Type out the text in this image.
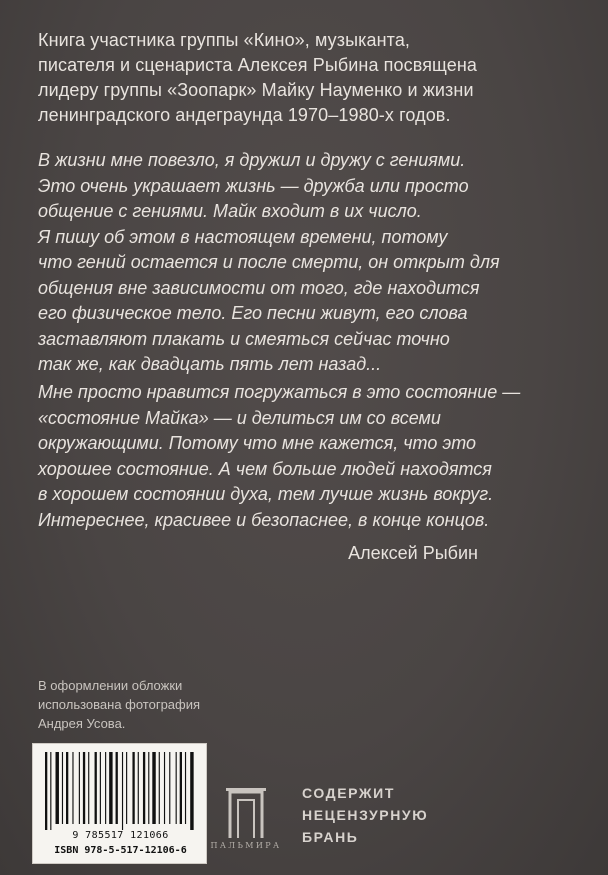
Книга участника группы «Кино», музыканта,
писателя и сценариста Алексея Рыбина посвящена
лидеру группы «Зоопарк» Майку Науменко и жизни
ленинградского андеграунда 1970–1980-х годов.
В жизни мне повезло, я дружил и дружу с гениями.
Это очень украшает жизнь — дружба или просто
общение с гениями. Майк входит в их число.
Я пишу об этом в настоящем времени, потому
что гений остается и после смерти, он открыт для
общения вне зависимости от того, где находится
его физическое тело. Его песни живут, его слова
заставляют плакать и смеяться сейчас точно
так же, как двадцать пять лет назад...
Мне просто нравится погружаться в это состояние —
«состояние Майка» — и делиться им со всеми
окружающими. Потому что мне кажется, что это
хорошее состояние. А чем больше людей находятся
в хорошем состоянии духа, тем лучше жизнь вокруг.
Интереснее, красивее и безопаснее, в конце концов.
Алексей Рыбин
В оформлении обложки
использована фотография
Андрея Усова.
9 785517 121066
ISBN 978-5-517-12106-6	ПАЛЬМИРА
СОДЕРЖИТ
НЕЦЕНЗУРНУЮ
БРАНЬ
